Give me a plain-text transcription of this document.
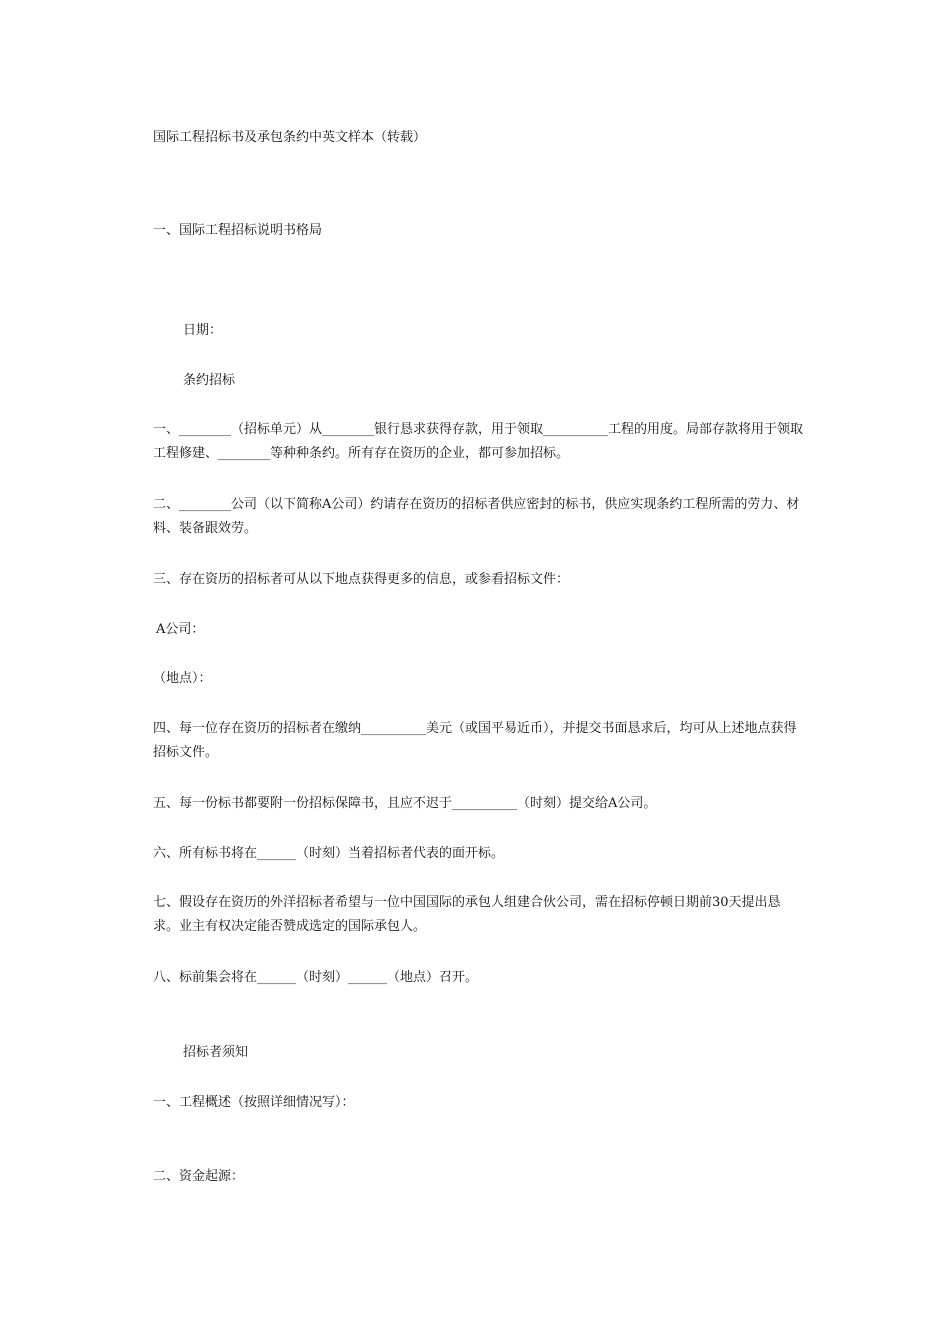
国际工程招标书及承包条约中英文样本（转载）
一、国际工程招标说明书格局
日期：
条约招标
一、________（招标单元）从________银行恳求获得存款，用于领取__________工程的用度。局部存款将用于领取工程修建、________等种种条约。所有存在资历的企业，都可参加招标。
二、________公司（以下简称A公司）约请存在资历的招标者供应密封的标书，供应实现条约工程所需的劳力、材料、装备跟效劳。
三、存在资历的招标者可从以下地点获得更多的信息，或参看招标文件：
A公司：
（地点）：
四、每一位存在资历的招标者在缴纳__________美元（或国平易近币），并提交书面恳求后，均可从上述地点获得招标文件。
五、每一份标书都要附一份招标保障书，且应不迟于__________（时刻）提交给A公司。
六、所有标书将在______（时刻）当着招标者代表的面开标。
七、假设存在资历的外洋招标者希望与一位中国国际的承包人组建合伙公司，需在招标停顿日期前30天提出恳求。业主有权决定能否赞成选定的国际承包人。
八、标前集会将在______（时刻）______（地点）召开。
招标者须知
一、工程概述（按照详细情况写）：
二、资金起源：
